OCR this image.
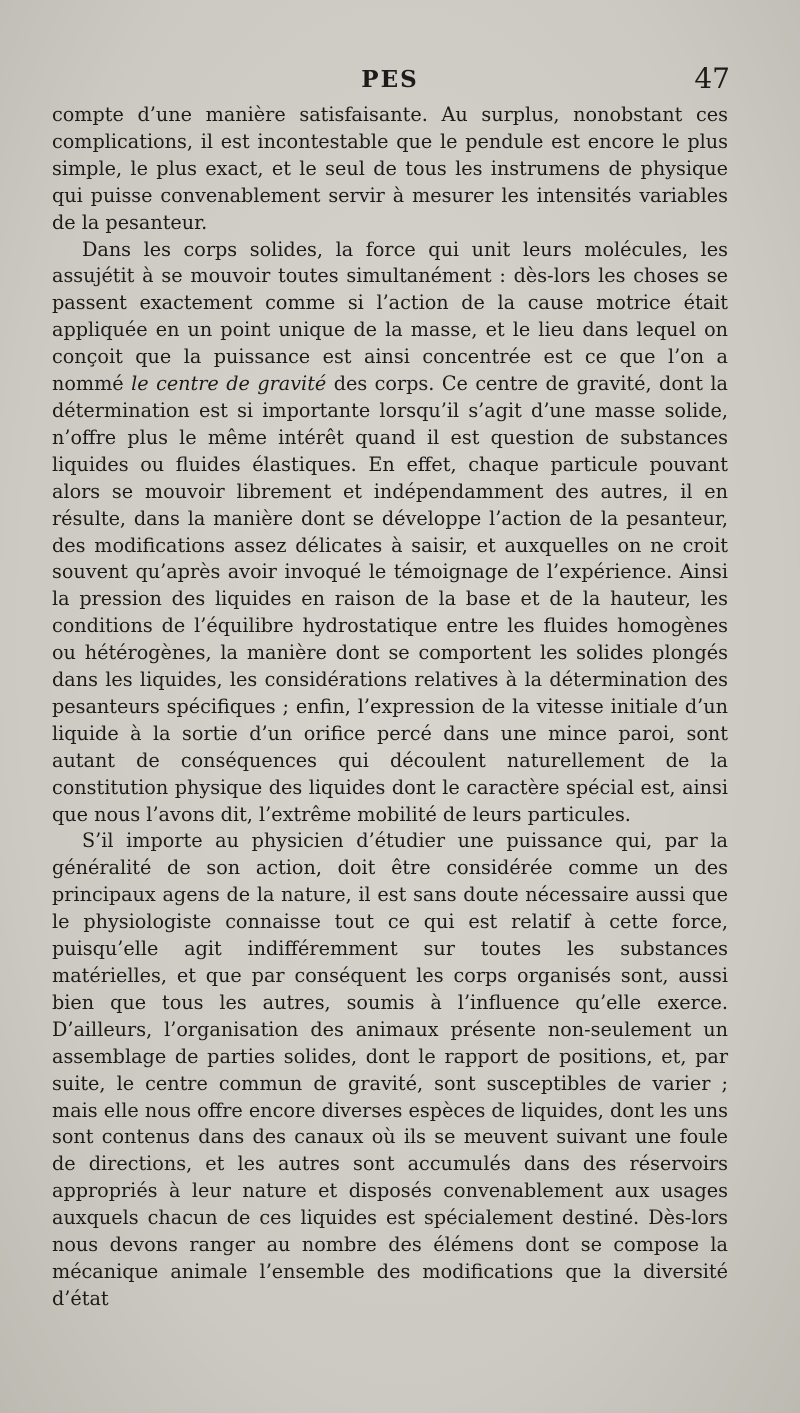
PES	47

compte d’une manière satisfaisante. Au surplus, nonobstant ces complications, il est incontestable que le pendule est encore le plus simple, le plus exact, et le seul de tous les instrumens de physique qui puisse convenablement servir à mesurer les intensités variables de la pesanteur.

Dans les corps solides, la force qui unit leurs molécules, les assujétit à se mouvoir toutes simultanément : dès-lors les choses se passent exactement comme si l’action de la cause motrice était appliquée en un point unique de la masse, et le lieu dans lequel on conçoit que la puissance est ainsi concentrée est ce que l’on a nommé le centre de gravité des corps. Ce centre de gravité, dont la détermination est si importante lorsqu’il s’agit d’une masse solide, n’offre plus le même intérêt quand il est question de substances liquides ou fluides élastiques. En effet, chaque particule pouvant alors se mouvoir librement et indépendamment des autres, il en résulte, dans la manière dont se développe l’action de la pesanteur, des modifications assez délicates à saisir, et auxquelles on ne croit souvent qu’après avoir invoqué le témoignage de l’expérience. Ainsi la pression des liquides en raison de la base et de la hauteur, les conditions de l’équilibre hydrostatique entre les fluides homogènes ou hétérogènes, la manière dont se comportent les solides plongés dans les liquides, les considérations relatives à la détermination des pesanteurs spécifiques ; enfin, l’expression de la vitesse initiale d’un liquide à la sortie d’un orifice percé dans une mince paroi, sont autant de conséquences qui découlent naturellement de la constitution physique des liquides dont le caractère spécial est, ainsi que nous l’avons dit, l’extrême mobilité de leurs particules.

S’il importe au physicien d’étudier une puissance qui, par la généralité de son action, doit être considérée comme un des principaux agens de la nature, il est sans doute nécessaire aussi que le physiologiste connaisse tout ce qui est relatif à cette force, puisqu’elle agit indifféremment sur toutes les substances matérielles, et que par conséquent les corps organisés sont, aussi bien que tous les autres, soumis à l’influence qu’elle exerce. D’ailleurs, l’organisation des animaux présente non-seulement un assemblage de parties solides, dont le rapport de positions, et, par suite, le centre commun de gravité, sont susceptibles de varier ; mais elle nous offre encore diverses espèces de liquides, dont les uns sont contenus dans des canaux où ils se meuvent suivant une foule de directions, et les autres sont accumulés dans des réservoirs appropriés à leur nature et disposés convenablement aux usages auxquels chacun de ces liquides est spécialement destiné. Dès-lors nous devons ranger au nombre des élémens dont se compose la mécanique animale l’ensemble des modifications que la diversité d’état
